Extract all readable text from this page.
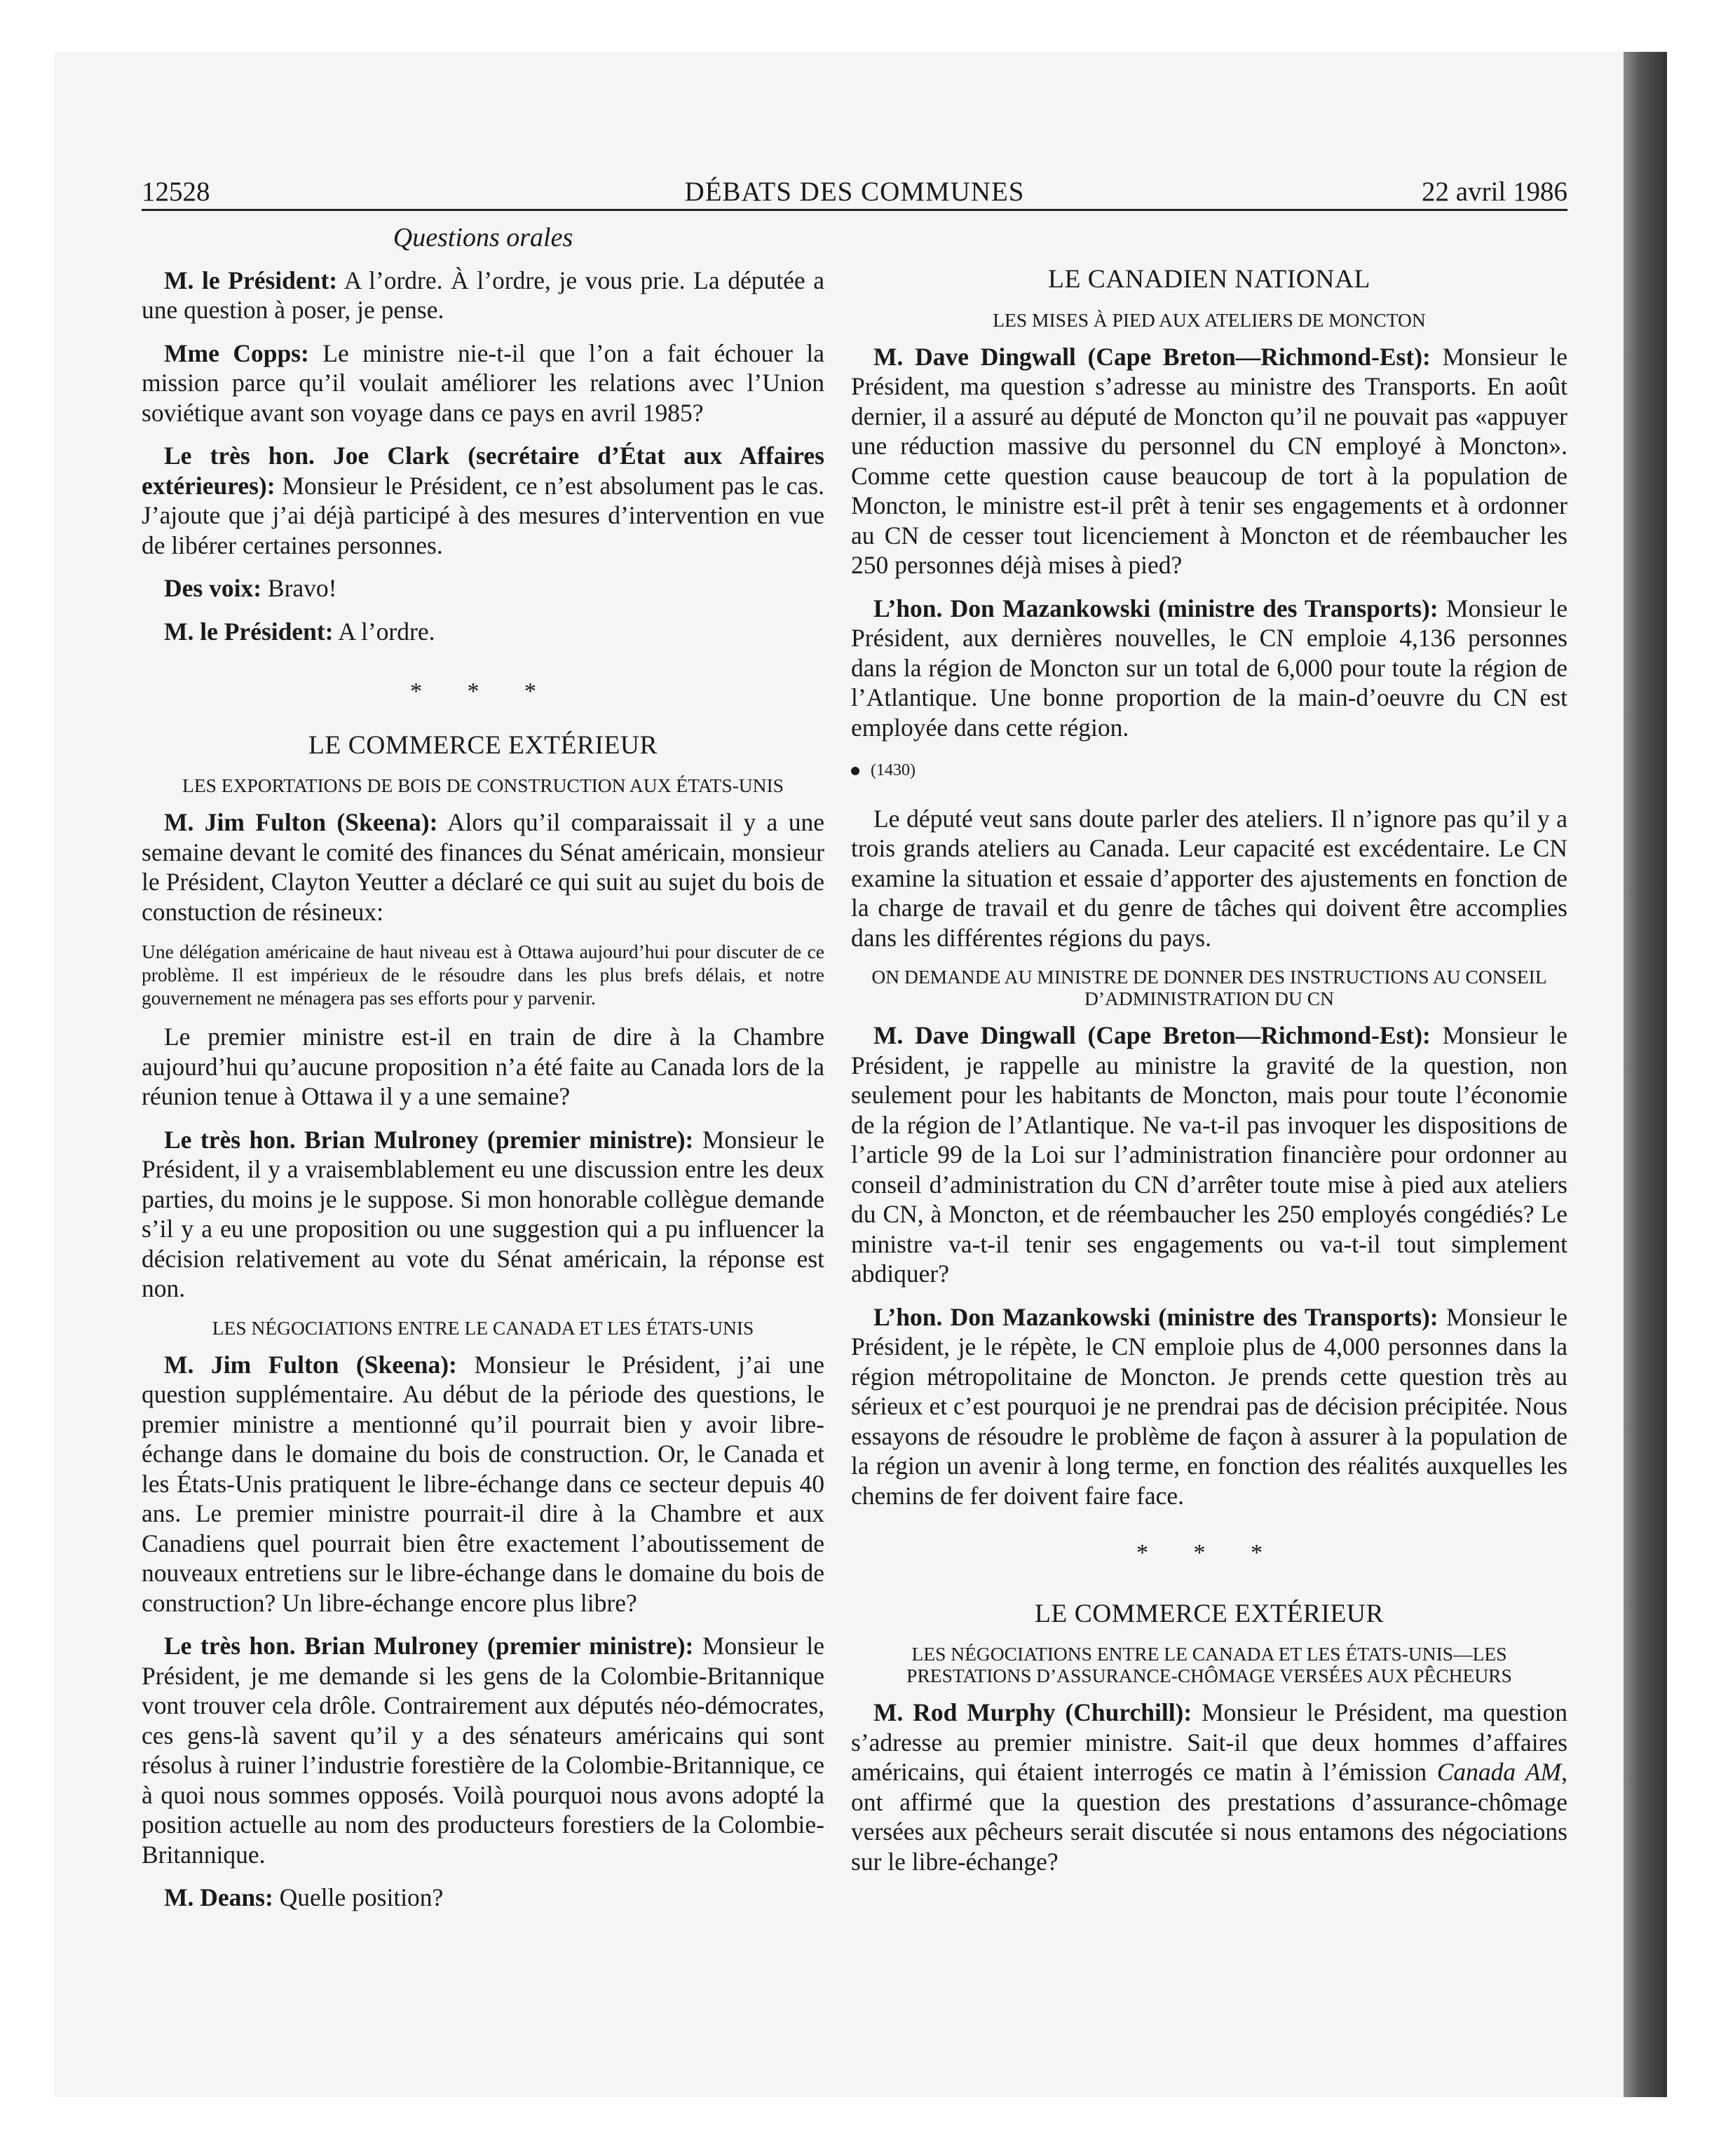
12528	DÉBATS DES COMMUNES	22 avril 1986
Questions orales

M. le Président: A l’ordre. À l’ordre, je vous prie. La députée a une question à poser, je pense.

Mme Copps: Le ministre nie-t-il que l’on a fait échouer la mission parce qu’il voulait améliorer les relations avec l’Union soviétique avant son voyage dans ce pays en avril 1985?

Le très hon. Joe Clark (secrétaire d’État aux Affaires extérieures): Monsieur le Président, ce n’est absolument pas le cas. J’ajoute que j’ai déjà participé à des mesures d’intervention en vue de libérer certaines personnes.

Des voix: Bravo!

M. le Président: A l’ordre.

* * *
LE COMMERCE EXTÉRIEUR
LES EXPORTATIONS DE BOIS DE CONSTRUCTION AUX ÉTATS-UNIS

M. Jim Fulton (Skeena): Alors qu’il comparaissait il y a une semaine devant le comité des finances du Sénat américain, monsieur le Président, Clayton Yeutter a déclaré ce qui suit au sujet du bois de constuction de résineux:

Une délégation américaine de haut niveau est à Ottawa aujourd’hui pour discuter de ce problème. Il est impérieux de le résoudre dans les plus brefs délais, et notre gouvernement ne ménagera pas ses efforts pour y parvenir.

Le premier ministre est-il en train de dire à la Chambre aujourd’hui qu’aucune proposition n’a été faite au Canada lors de la réunion tenue à Ottawa il y a une semaine?

Le très hon. Brian Mulroney (premier ministre): Monsieur le Président, il y a vraisemblablement eu une discussion entre les deux parties, du moins je le suppose. Si mon honorable collègue demande s’il y a eu une proposition ou une suggestion qui a pu influencer la décision relativement au vote du Sénat américain, la réponse est non.

LES NÉGOCIATIONS ENTRE LE CANADA ET LES ÉTATS-UNIS

M. Jim Fulton (Skeena): Monsieur le Président, j’ai une question supplémentaire. Au début de la période des questions, le premier ministre a mentionné qu’il pourrait bien y avoir libre-échange dans le domaine du bois de construction. Or, le Canada et les États-Unis pratiquent le libre-échange dans ce secteur depuis 40 ans. Le premier ministre pourrait-il dire à la Chambre et aux Canadiens quel pourrait bien être exactement l’aboutissement de nouveaux entretiens sur le libre-échange dans le domaine du bois de construction? Un libre-échange encore plus libre?

Le très hon. Brian Mulroney (premier ministre): Monsieur le Président, je me demande si les gens de la Colombie-Britannique vont trouver cela drôle. Contrairement aux députés néo-démocrates, ces gens-là savent qu’il y a des sénateurs américains qui sont résolus à ruiner l’industrie forestière de la Colombie-Britannique, ce à quoi nous sommes opposés. Voilà pourquoi nous avons adopté la position actuelle au nom des producteurs forestiers de la Colombie-Britannique.

M. Deans: Quelle position?

LE CANADIEN NATIONAL
LES MISES À PIED AUX ATELIERS DE MONCTON

M. Dave Dingwall (Cape Breton—Richmond-Est): Monsieur le Président, ma question s’adresse au ministre des Transports. En août dernier, il a assuré au député de Moncton qu’il ne pouvait pas «appuyer une réduction massive du personnel du CN employé à Moncton». Comme cette question cause beaucoup de tort à la population de Moncton, le ministre est-il prêt à tenir ses engagements et à ordonner au CN de cesser tout licenciement à Moncton et de réembaucher les 250 personnes déjà mises à pied?

L’hon. Don Mazankowski (ministre des Transports): Monsieur le Président, aux dernières nouvelles, le CN emploie 4,136 personnes dans la région de Moncton sur un total de 6,000 pour toute la région de l’Atlantique. Une bonne proportion de la main-d’oeuvre du CN est employée dans cette région.

(1430)

Le député veut sans doute parler des ateliers. Il n’ignore pas qu’il y a trois grands ateliers au Canada. Leur capacité est excédentaire. Le CN examine la situation et essaie d’apporter des ajustements en fonction de la charge de travail et du genre de tâches qui doivent être accomplies dans les différentes régions du pays.

ON DEMANDE AU MINISTRE DE DONNER DES INSTRUCTIONS AU CONSEIL D’ADMINISTRATION DU CN

M. Dave Dingwall (Cape Breton—Richmond-Est): Monsieur le Président, je rappelle au ministre la gravité de la question, non seulement pour les habitants de Moncton, mais pour toute l’économie de la région de l’Atlantique. Ne va-t-il pas invoquer les dispositions de l’article 99 de la Loi sur l’administration financière pour ordonner au conseil d’administration du CN d’arrêter toute mise à pied aux ateliers du CN, à Moncton, et de réembaucher les 250 employés congédiés? Le ministre va-t-il tenir ses engagements ou va-t-il tout simplement abdiquer?

L’hon. Don Mazankowski (ministre des Transports): Monsieur le Président, je le répète, le CN emploie plus de 4,000 personnes dans la région métropolitaine de Moncton. Je prends cette question très au sérieux et c’est pourquoi je ne prendrai pas de décision précipitée. Nous essayons de résoudre le problème de façon à assurer à la population de la région un avenir à long terme, en fonction des réalités auxquelles les chemins de fer doivent faire face.

* * *
LE COMMERCE EXTÉRIEUR
LES NÉGOCIATIONS ENTRE LE CANADA ET LES ÉTATS-UNIS—LES PRESTATIONS D’ASSURANCE-CHÔMAGE VERSÉES AUX PÊCHEURS

M. Rod Murphy (Churchill): Monsieur le Président, ma question s’adresse au premier ministre. Sait-il que deux hommes d’affaires américains, qui étaient interrogés ce matin à l’émission Canada AM, ont affirmé que la question des prestations d’assurance-chômage versées aux pêcheurs serait discutée si nous entamons des négociations sur le libre-échange?
